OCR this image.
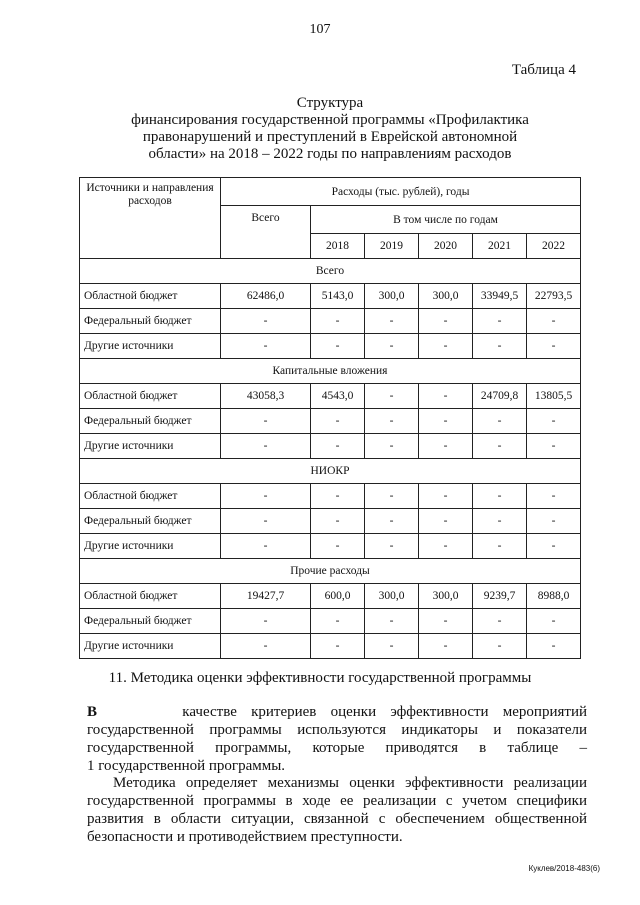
107
Таблица 4
Структура
финансирования государственной программы «Профилактика
правонарушений и преступлений в Еврейской автономной
области» на 2018 – 2022 годы по направлениям расходов
Источники и направления расходов	Расходы (тыс. рублей), годы					
	Всего	В том числе по годам				
		2018	2019	2020	2021	2022
Всего						
Областной бюджет	62486,0	5143,0	300,0	300,0	33949,5	22793,5
Федеральный бюджет	-	-	-	-	-	-
Другие источники	-	-	-	-	-	-
Капитальные вложения						
Областной бюджет	43058,3	4543,0	-	-	24709,8	13805,5
Федеральный бюджет	-	-	-	-	-	-
Другие источники	-	-	-	-	-	-
НИОКР						
Областной бюджет	-	-	-	-	-	-
Федеральный бюджет	-	-	-	-	-	-
Другие источники	-	-	-	-	-	-
Прочие расходы						
Областной бюджет	19427,7	600,0	300,0	300,0	9239,7	8988,0
Федеральный бюджет	-	-	-	-	-	-
Другие источники	-	-	-	-	-	-
11. Методика оценки эффективности государственной программы
В	качестве критериев оценки эффективности мероприятий
государственной программы используются индикаторы и показатели
государственной программы, которые приводятся в таблице –
1 государственной программы.
Методика определяет механизмы оценки эффективности реализации государственной программы в ходе ее реализации с учетом специфики развития в области ситуации, связанной с обеспечением общественной безопасности и противодействием преступности.
Куклев/2018-483(6)
